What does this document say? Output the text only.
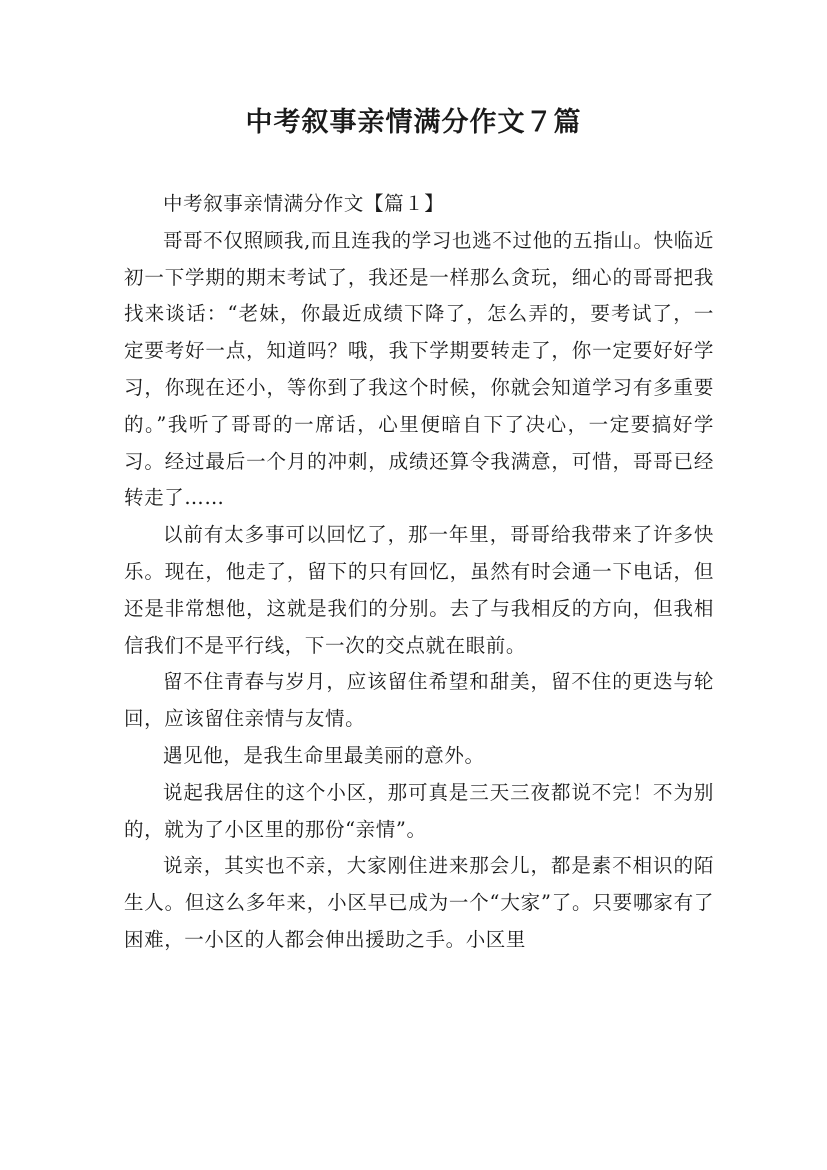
中考叙事亲情满分作文７篇

中考叙事亲情满分作文【篇１】

哥哥不仅照顾我,而且连我的学习也逃不过他的五指山。快临近初一下学期的期末考试了，我还是一样那么贪玩，细心的哥哥把我找来谈话：“老妹，你最近成绩下降了，怎么弄的，要考试了，一定要考好一点，知道吗？哦，我下学期要转走了，你一定要好好学习，你现在还小，等你到了我这个时候，你就会知道学习有多重要的。”我听了哥哥的一席话，心里便暗自下了决心，一定要搞好学习。经过最后一个月的冲刺，成绩还算令我满意，可惜，哥哥已经转走了……

以前有太多事可以回忆了，那一年里，哥哥给我带来了许多快乐。现在，他走了，留下的只有回忆，虽然有时会通一下电话，但还是非常想他，这就是我们的分别。去了与我相反的方向，但我相信我们不是平行线，下一次的交点就在眼前。

留不住青春与岁月，应该留住希望和甜美，留不住的更迭与轮回，应该留住亲情与友情。

遇见他，是我生命里最美丽的意外。

说起我居住的这个小区，那可真是三天三夜都说不完！不为别的，就为了小区里的那份“亲情”。

说亲，其实也不亲，大家刚住进来那会儿，都是素不相识的陌生人。但这么多年来，小区早已成为一个“大家”了。只要哪家有了困难，一小区的人都会伸出援助之手。小区里
